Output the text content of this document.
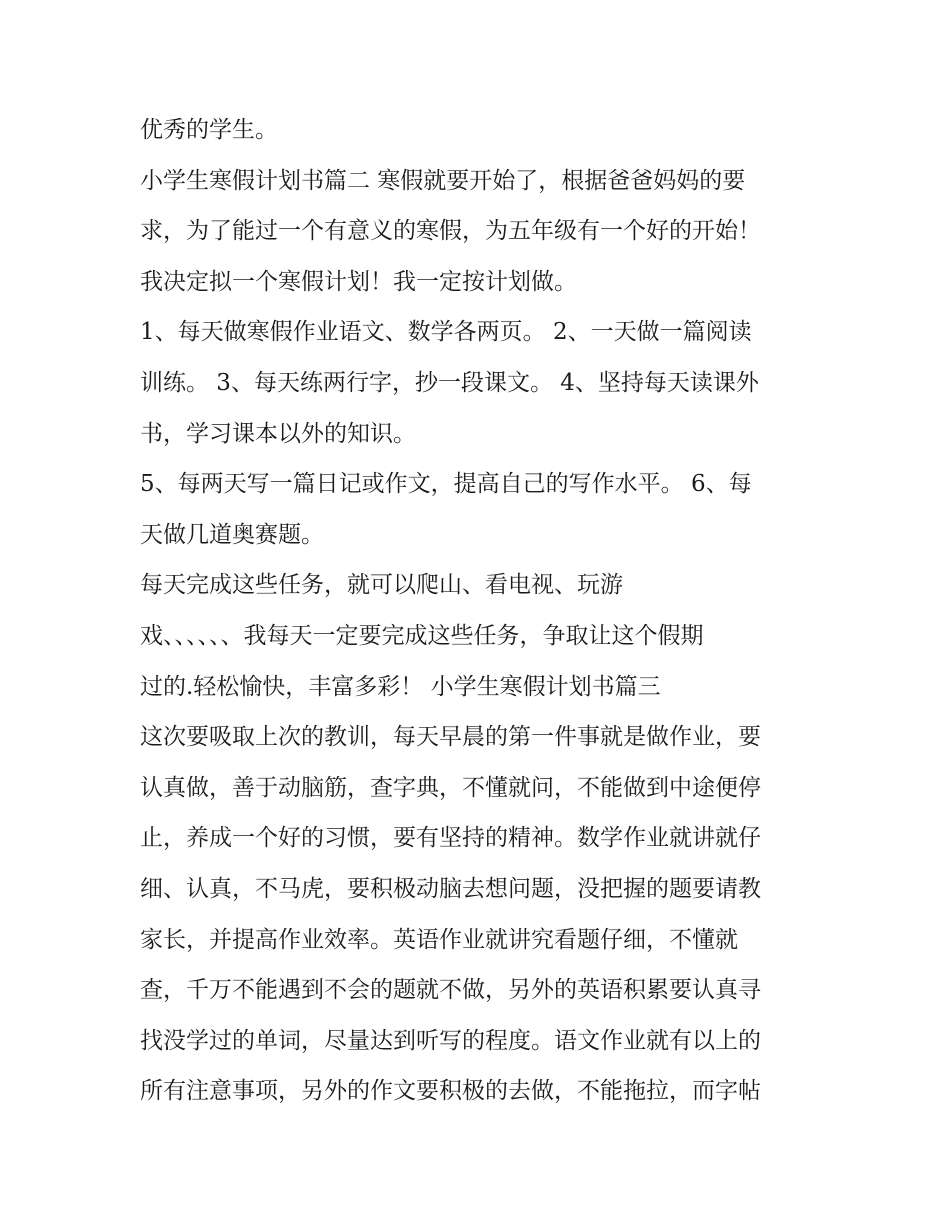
优秀的学生。
小学生寒假计划书篇二 寒假就要开始了，根据爸爸妈妈的要
求，为了能过一个有意义的寒假，为五年级有一个好的开始！
我决定拟一个寒假计划！我一定按计划做。
1、每天做寒假作业语文、数学各两页。 2、一天做一篇阅读
训练。 3、每天练两行字，抄一段课文。 4、坚持每天读课外
书，学习课本以外的知识。
5、每两天写一篇日记或作文，提高自己的写作水平。 6、每
天做几道奥赛题。
每天完成这些任务，就可以爬山、看电视、玩游
戏、、、、、、我每天一定要完成这些任务，争取让这个假期
过的.轻松愉快，丰富多彩！ 小学生寒假计划书篇三
这次要吸取上次的教训，每天早晨的第一件事就是做作业，要
认真做，善于动脑筋，查字典，不懂就问，不能做到中途便停
止，养成一个好的习惯，要有坚持的精神。数学作业就讲就仔
细、认真，不马虎，要积极动脑去想问题，没把握的题要请教
家长，并提高作业效率。英语作业就讲究看题仔细，不懂就
查，千万不能遇到不会的题就不做，另外的英语积累要认真寻
找没学过的单词，尽量达到听写的程度。语文作业就有以上的
所有注意事项，另外的作文要积极的去做，不能拖拉，而字帖
